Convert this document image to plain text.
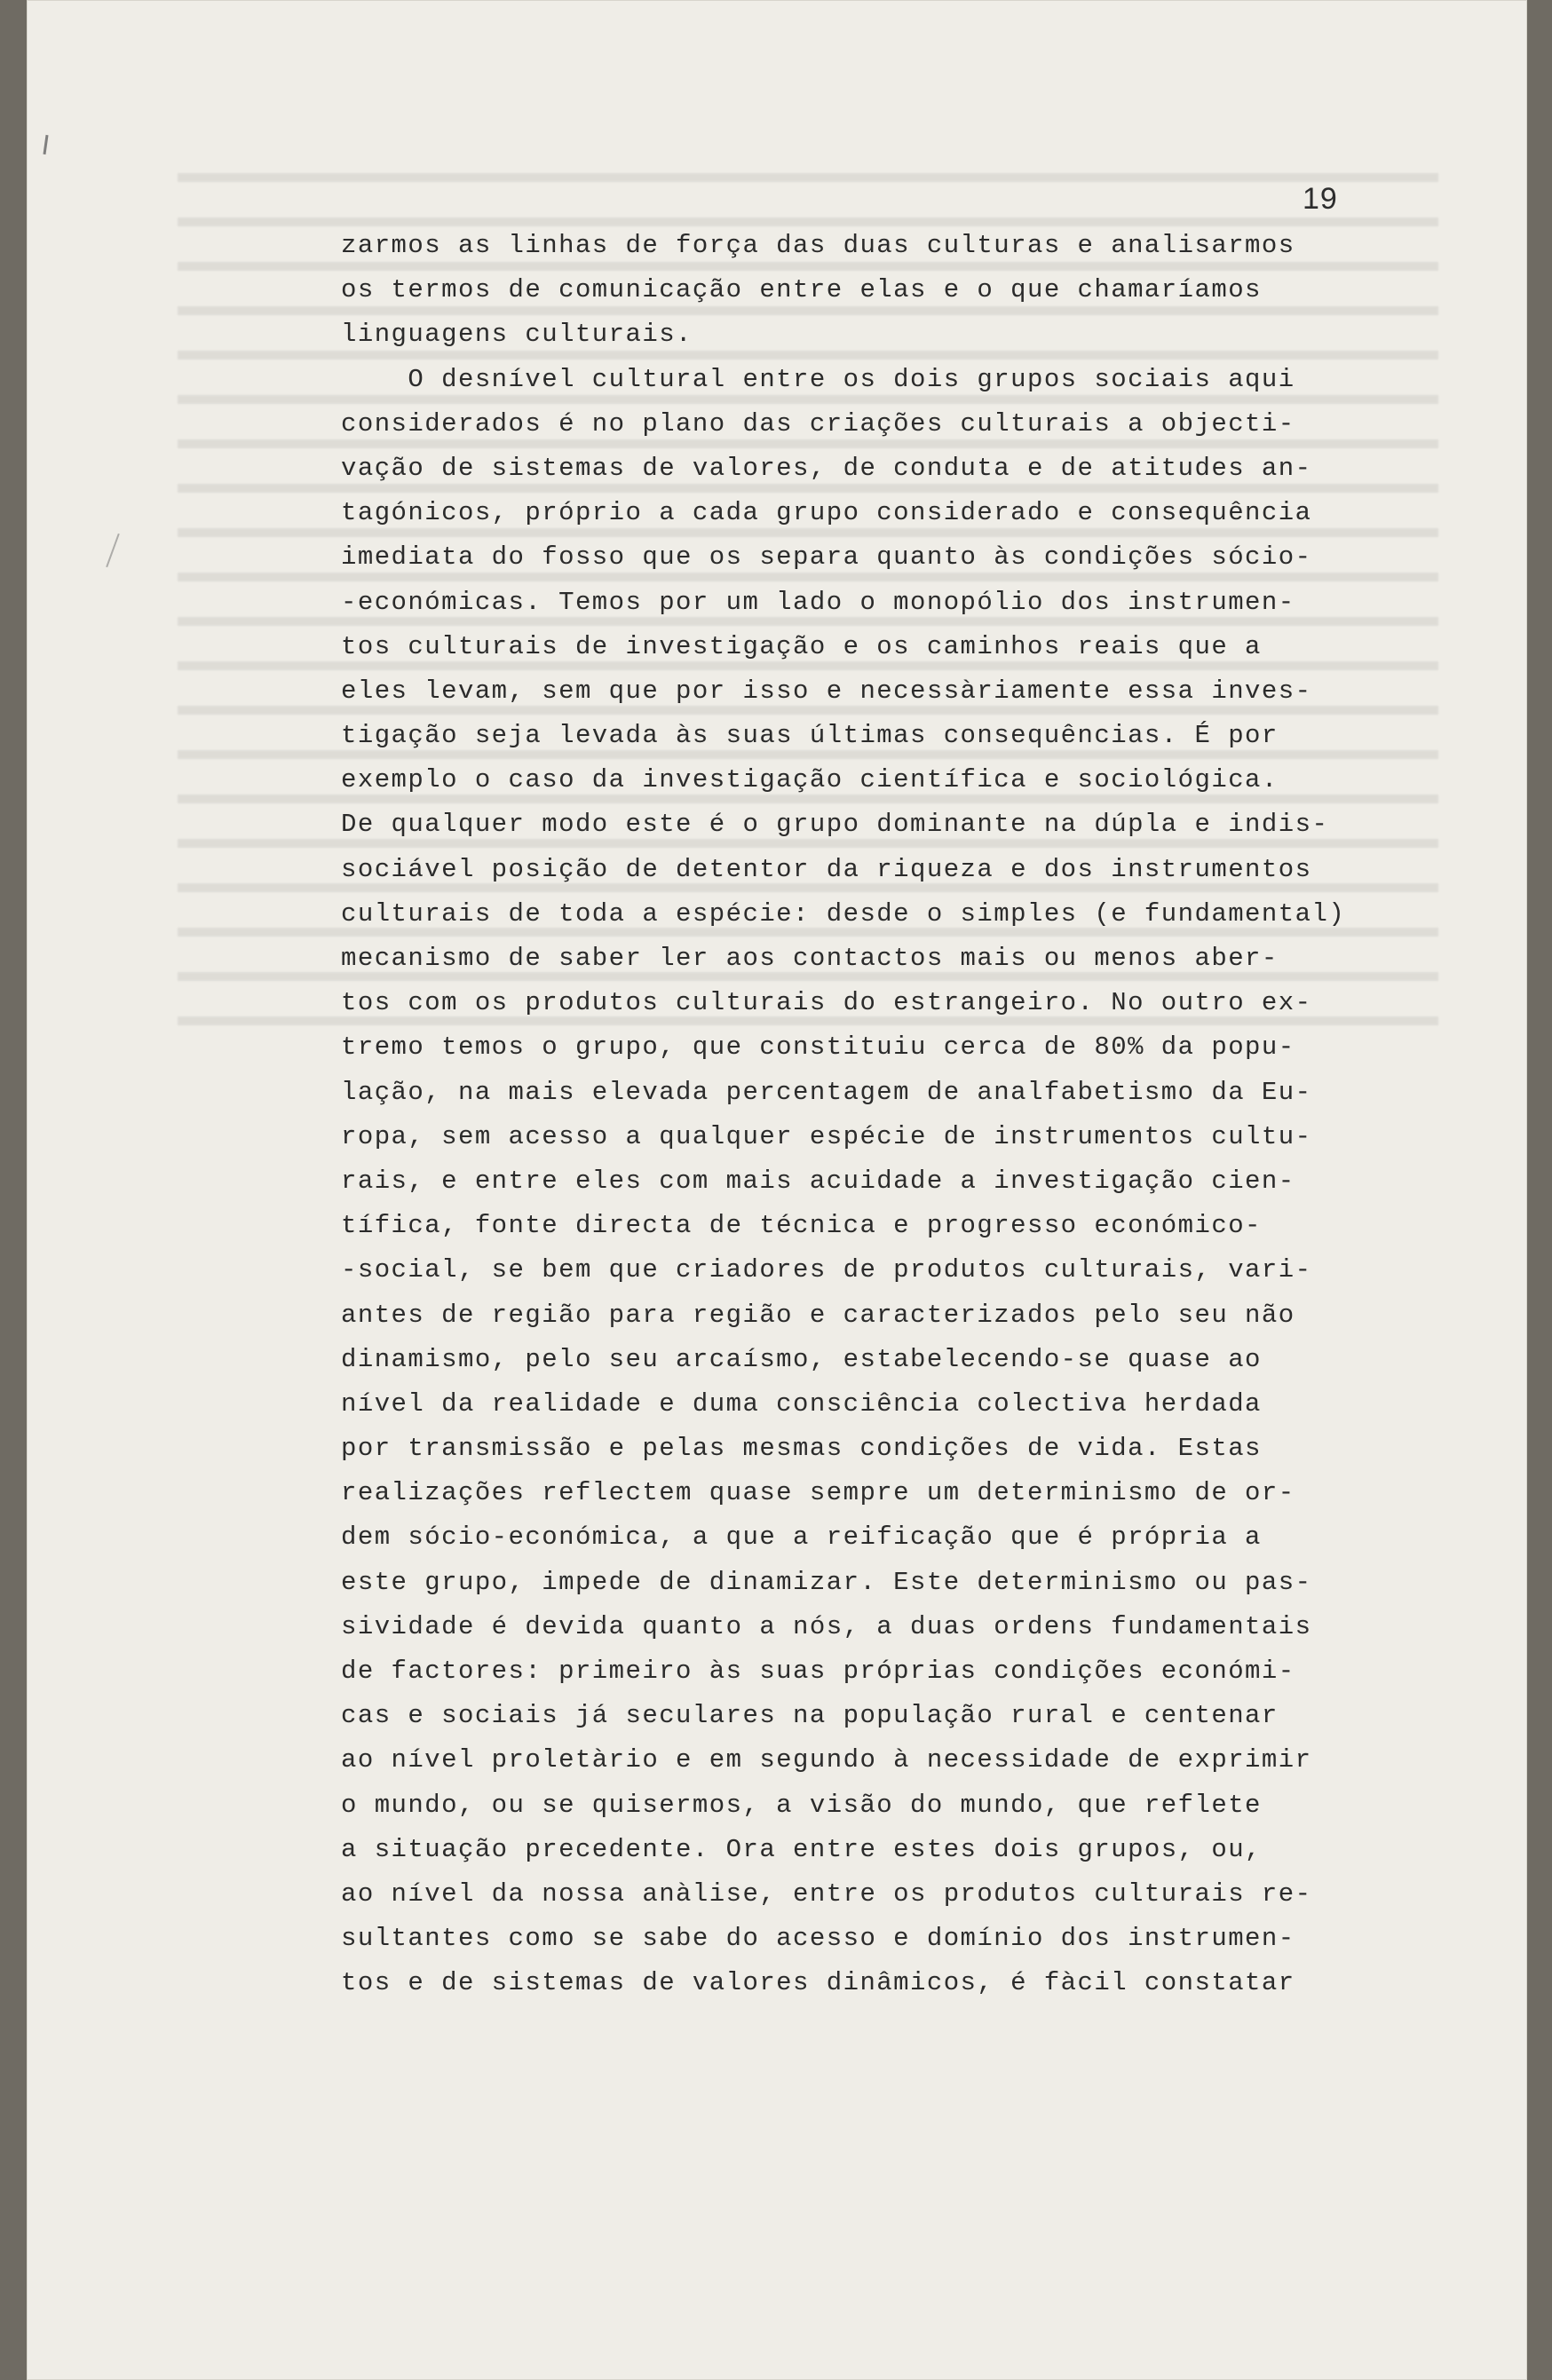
19
zarmos as linhas de força das duas culturas e analisarmos
os termos de comunicação entre elas e o que chamaríamos
linguagens culturais.
O desnível cultural entre os dois grupos sociais aqui
considerados é no plano das criações culturais a objecti-
vação de sistemas de valores, de conduta e de atitudes an-
tagónicos, próprio a cada grupo considerado e consequência
imediata do fosso que os separa quanto às condições sócio-
-económicas. Temos por um lado o monopólio dos instrumen-
tos culturais de investigação e os caminhos reais que a
eles levam, sem que por isso e necessàriamente essa inves-
tigação seja levada às suas últimas consequências. É por
exemplo o caso da investigação científica e sociológica.
De qualquer modo este é o grupo dominante na dúpla e indis-
sociável posição de detentor da riqueza e dos instrumentos
culturais de toda a espécie: desde o simples (e fundamental)
mecanismo de saber ler aos contactos mais ou menos aber-
tos com os produtos culturais do estrangeiro. No outro ex-
tremo temos o grupo, que constituiu cerca de 80% da popu-
lação, na mais elevada percentagem de analfabetismo da Eu-
ropa, sem acesso a qualquer espécie de instrumentos cultu-
rais, e entre eles com mais acuidade a investigação cien-
tífica, fonte directa de técnica e progresso económico-
-social, se bem que criadores de produtos culturais, vari-
antes de região para região e caracterizados pelo seu não
dinamismo, pelo seu arcaísmo, estabelecendo-se quase ao
nível da realidade e duma consciência colectiva herdada
por transmissão e pelas mesmas condições de vida. Estas
realizações reflectem quase sempre um determinismo de or-
dem sócio-económica, a que a reificação que é própria a
este grupo, impede de dinamizar. Este determinismo ou pas-
sividade é devida quanto a nós, a duas ordens fundamentais
de factores: primeiro às suas próprias condições económi-
cas e sociais já seculares na população rural e centenar
ao nível proletàrio e em segundo à necessidade de exprimir
o mundo, ou se quisermos, a visão do mundo, que reflete
a situação precedente. Ora entre estes dois grupos, ou,
ao nível da nossa anàlise, entre os produtos culturais re-
sultantes como se sabe do acesso e domínio dos instrumen-
tos e de sistemas de valores dinâmicos, é fàcil constatar
